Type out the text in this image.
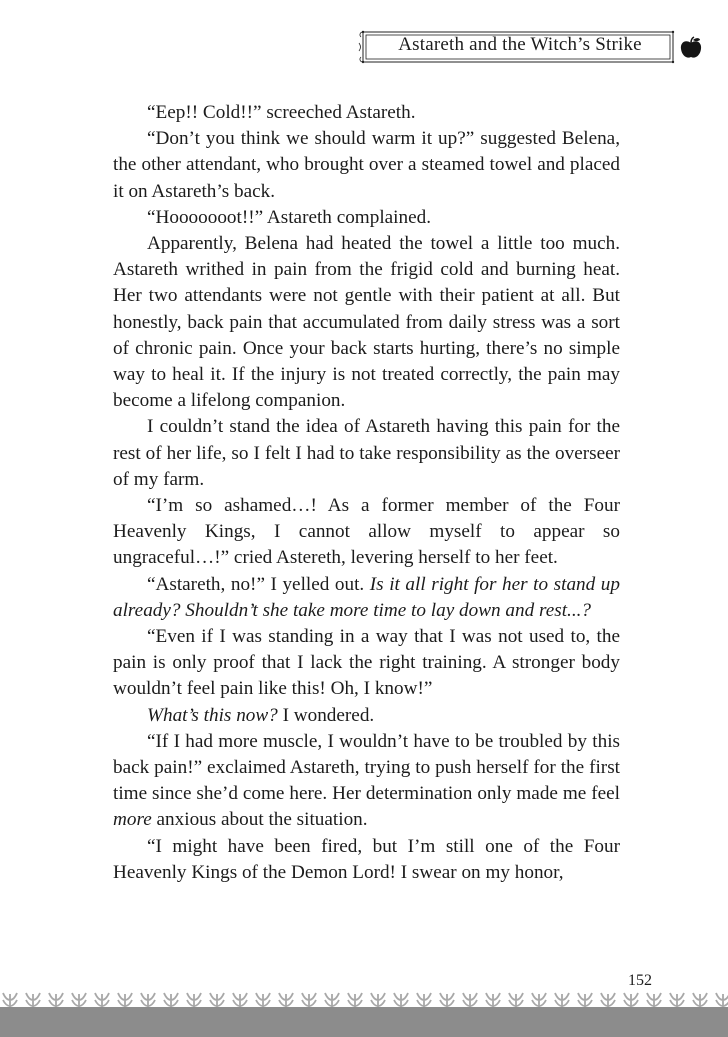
Astareth and the Witch’s Strike

“Eep!! Cold!!” screeched Astareth.

“Don’t you think we should warm it up?” suggested Belena, the other attendant, who brought over a steamed towel and placed it on Astareth’s back.

“Hooooooot!!” Astareth complained.

Apparently, Belena had heated the towel a little too much. Astareth writhed in pain from the frigid cold and burning heat. Her two attendants were not gentle with their patient at all. But honestly, back pain that accumulated from daily stress was a sort of chronic pain. Once your back starts hurting, there’s no simple way to heal it. If the injury is not treated correctly, the pain may become a lifelong companion.

I couldn’t stand the idea of Astareth having this pain for the rest of her life, so I felt I had to take responsibility as the overseer of my farm.

“I’m so ashamed…! As a former member of the Four Heavenly Kings, I cannot allow myself to appear so ungraceful…!” cried Astereth, levering herself to her feet.

“Astareth, no!” I yelled out. Is it all right for her to stand up already? Shouldn’t she take more time to lay down and rest...?

“Even if I was standing in a way that I was not used to, the pain is only proof that I lack the right training. A stronger body wouldn’t feel pain like this! Oh, I know!”

What’s this now? I wondered.

“If I had more muscle, I wouldn’t have to be troubled by this back pain!” exclaimed Astareth, trying to push herself for the first time since she’d come here. Her determination only made me feel more anxious about the situation.

“I might have been fired, but I’m still one of the Four Heavenly Kings of the Demon Lord! I swear on my honor,

152
